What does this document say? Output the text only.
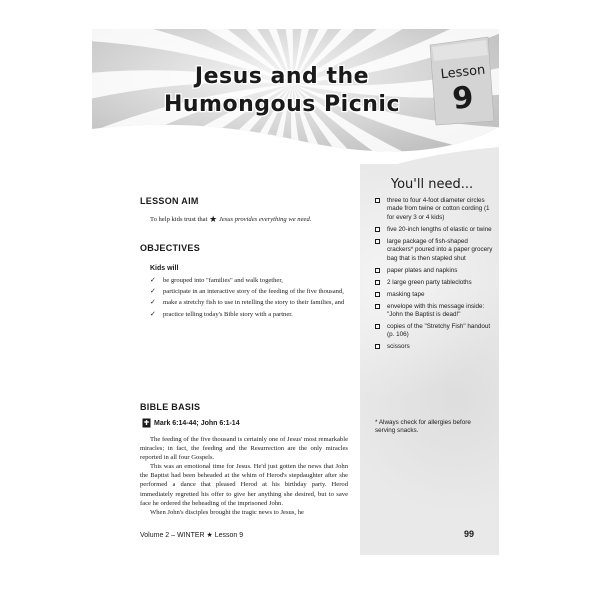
Jesus and the
Humongous Picnic
Lesson
9
You'll need...
three to four 4-foot diameter circles made from twine or cotton cording (1 for every 3 or 4 kids)
five 20-inch lengths of elastic or twine
large package of fish-shaped crackers* poured into a paper grocery bag that is then stapled shut
paper plates and napkins
2 large green party tablecloths
masking tape
envelope with this message inside: "John the Baptist is dead!"
copies of the "Stretchy Fish" handout (p. 106)
scissors
* Always check for allergies before serving snacks.
LESSON AIM
To help kids trust that ★ Jesus provides everything we need.
OBJECTIVES
Kids will
✓ be grouped into "families" and walk together,
✓ participate in an interactive story of the feeding of the five thousand,
✓ make a stretchy fish to use in retelling the story to their families, and
✓ practice telling today's Bible story with a partner.
BIBLE BASIS
Mark 6:14-44; John 6:1-14

The feeding of the five thousand is certainly one of Jesus' most remarkable miracles; in fact, the feeding and the Resurrection are the only miracles reported in all four Gospels.

This was an emotional time for Jesus. He'd just gotten the news that John the Baptist had been beheaded at the whim of Herod's stepdaughter after she performed a dance that pleased Herod at his birthday party. Herod immediately regretted his offer to give her anything she desired, but to save face he ordered the beheading of the imprisoned John.

When John's disciples brought the tragic news to Jesus, he

Volume 2 – WINTER ★ Lesson 9	99
